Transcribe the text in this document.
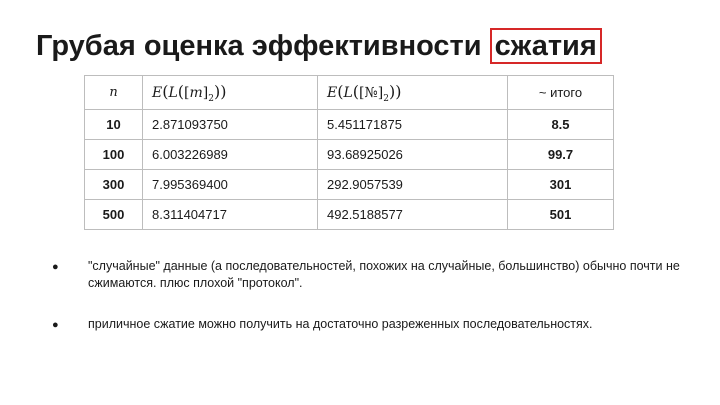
Грубая оценка эффективности сжатия
n	$E(L([m]_2))$	$E(L([№]_2))$	~ итого
10	2.871093750	5.451171875	8.5
100	6.003226989	93.68925026	99.7
300	7.995369400	292.9057539	301
500	8.311404717	492.5188577	501
● "случайные" данные (а последовательностей, похожих на случайные, большинство) обычно почти не сжимаются. плюс плохой "протокол".
● приличное сжатие можно получить на достаточно разреженных последовательностях.
